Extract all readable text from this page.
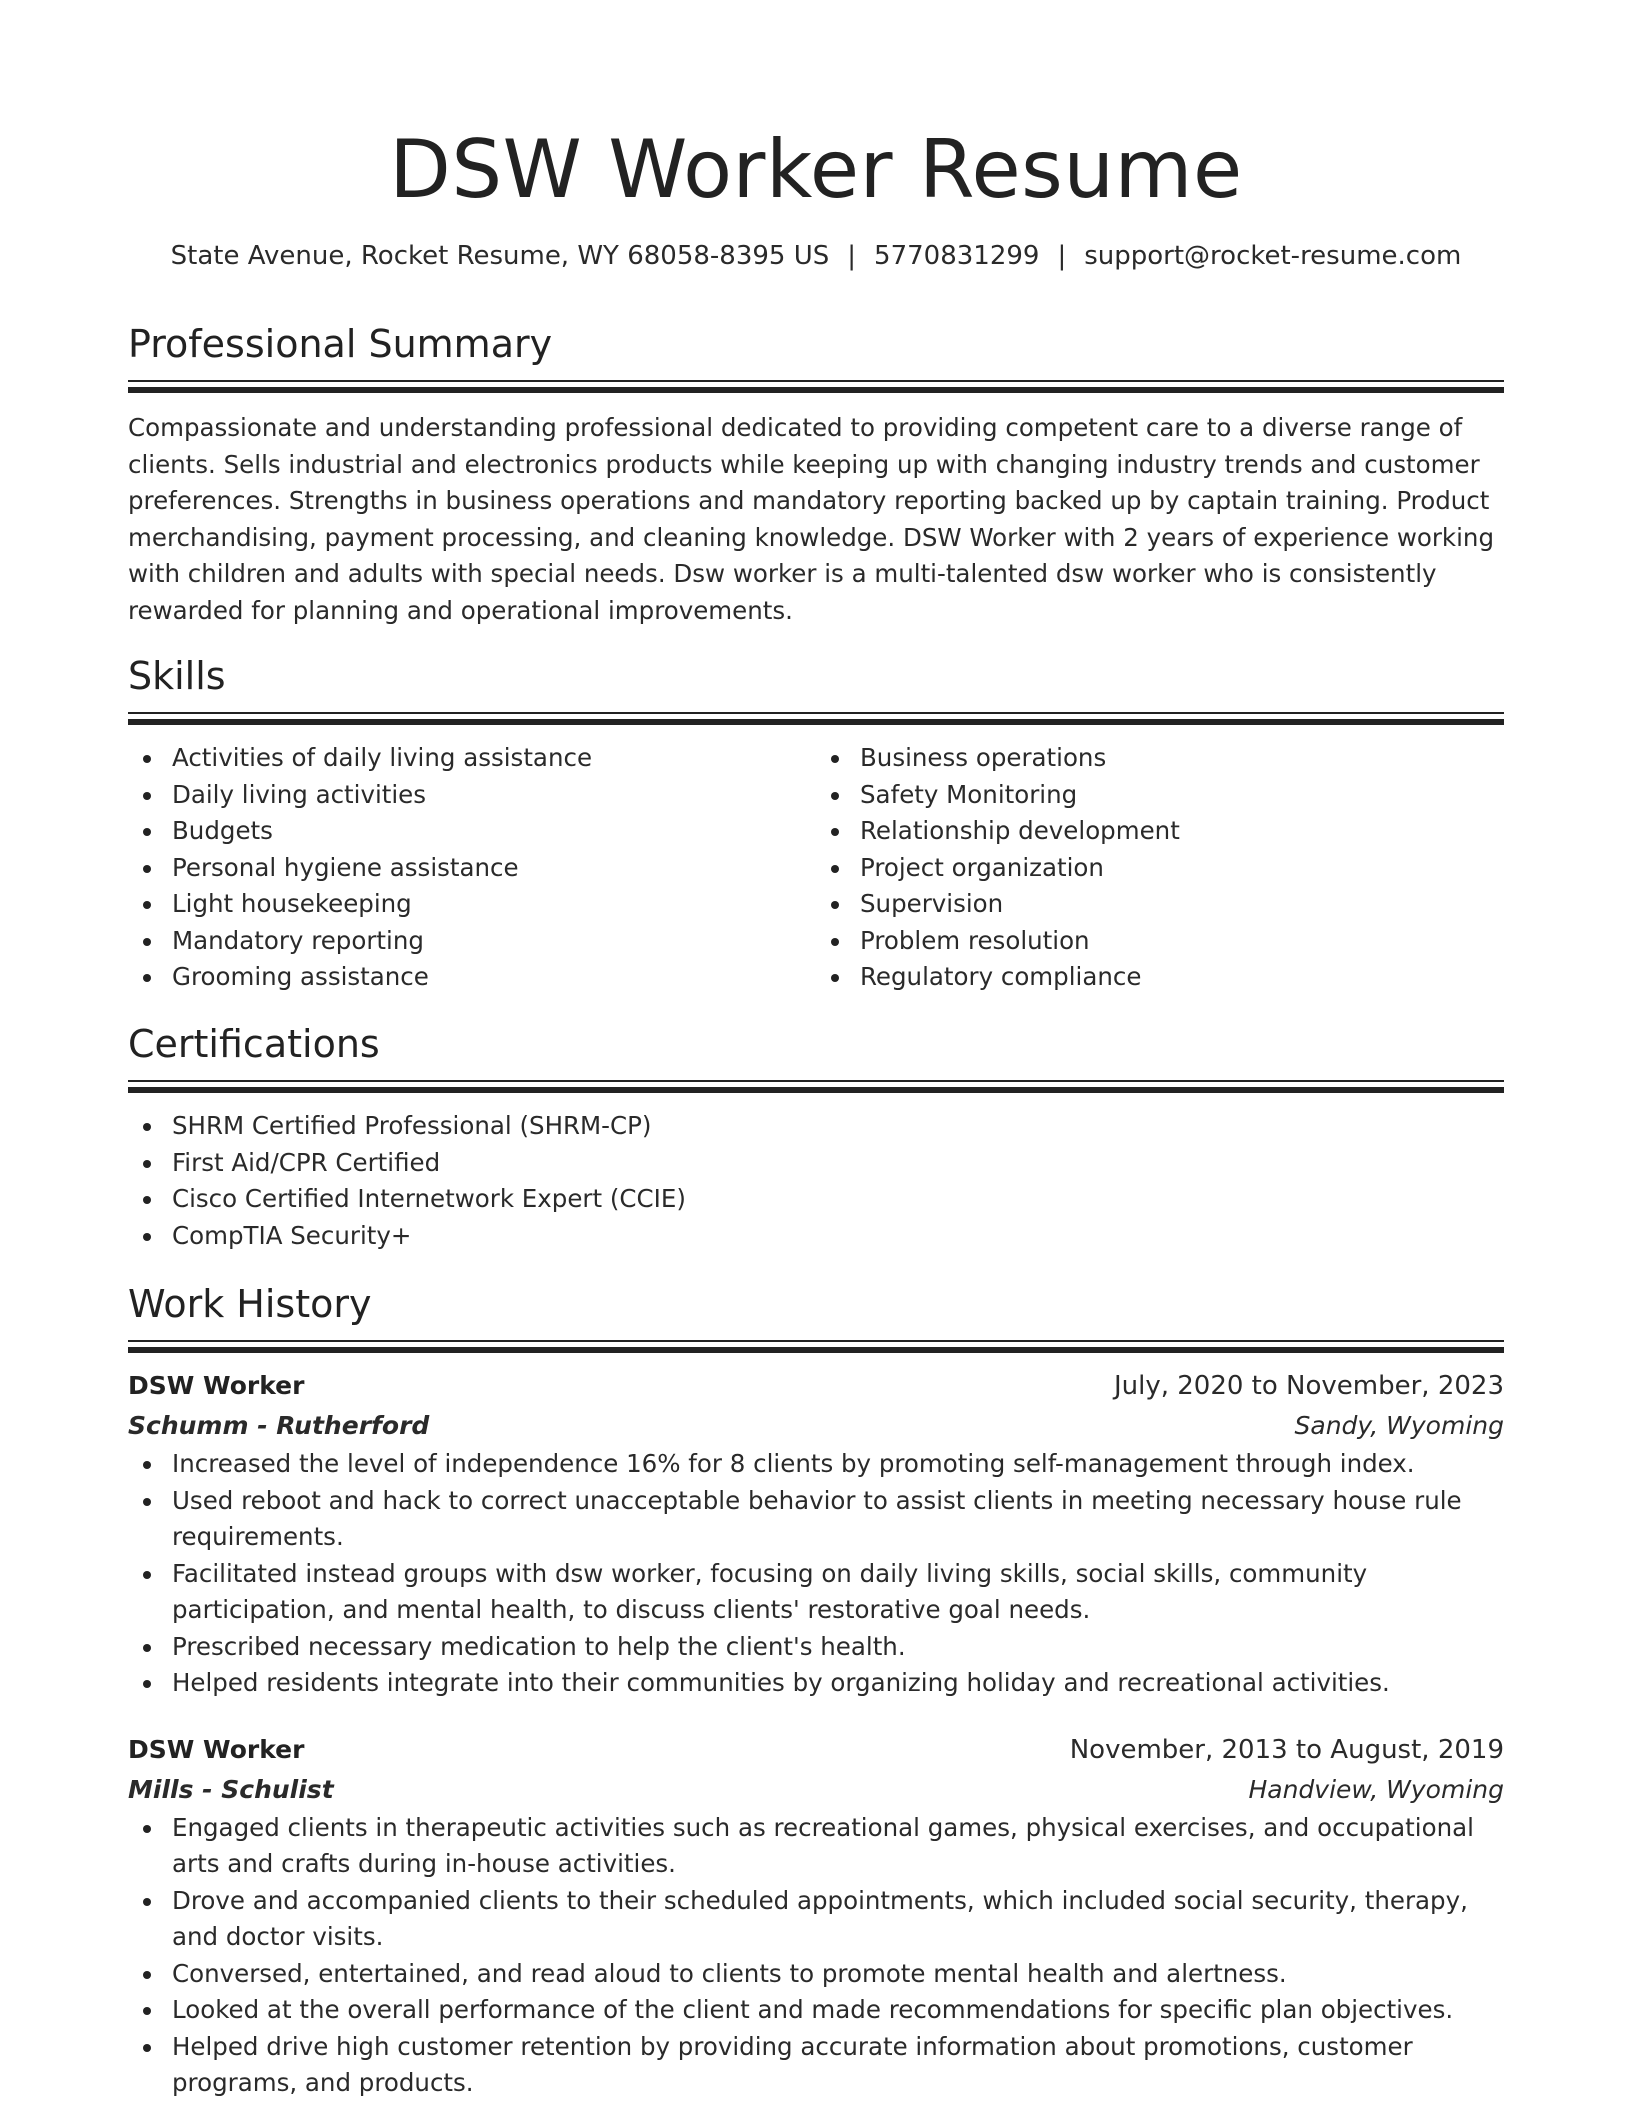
DSW Worker Resume
State Avenue, Rocket Resume, WY 68058-8395 US | 5770831299 | support@rocket-resume.com
Professional Summary
Compassionate and understanding professional dedicated to providing competent care to a diverse range of clients. Sells industrial and electronics products while keeping up with changing industry trends and customer preferences. Strengths in business operations and mandatory reporting backed up by captain training. Product merchandising, payment processing, and cleaning knowledge. DSW Worker with 2 years of experience working with children and adults with special needs. Dsw worker is a multi-talented dsw worker who is consistently rewarded for planning and operational improvements.
Skills
Activities of daily living assistance
Daily living activities
Budgets
Personal hygiene assistance
Light housekeeping
Mandatory reporting
Grooming assistance
Business operations
Safety Monitoring
Relationship development
Project organization
Supervision
Problem resolution
Regulatory compliance
Certifications
SHRM Certified Professional (SHRM-CP)
First Aid/CPR Certified
Cisco Certified Internetwork Expert (CCIE)
CompTIA Security+
Work History
DSW Worker	July, 2020 to November, 2023
Schumm - Rutherford	Sandy, Wyoming
Increased the level of independence 16% for 8 clients by promoting self-management through index.
Used reboot and hack to correct unacceptable behavior to assist clients in meeting necessary house rule requirements.
Facilitated instead groups with dsw worker, focusing on daily living skills, social skills, community participation, and mental health, to discuss clients' restorative goal needs.
Prescribed necessary medication to help the client's health.
Helped residents integrate into their communities by organizing holiday and recreational activities.
DSW Worker	November, 2013 to August, 2019
Mills - Schulist	Handview, Wyoming
Engaged clients in therapeutic activities such as recreational games, physical exercises, and occupational arts and crafts during in-house activities.
Drove and accompanied clients to their scheduled appointments, which included social security, therapy, and doctor visits.
Conversed, entertained, and read aloud to clients to promote mental health and alertness.
Looked at the overall performance of the client and made recommendations for specific plan objectives.
Helped drive high customer retention by providing accurate information about promotions, customer programs, and products.
